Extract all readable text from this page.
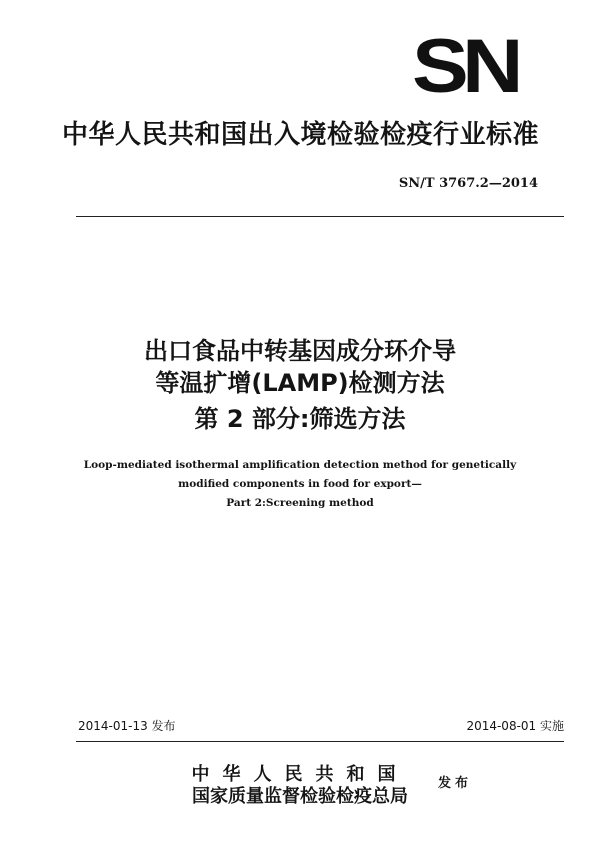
SN
中华人民共和国出入境检验检疫行业标准
SN/T 3767.2—2014
出口食品中转基因成分环介导
等温扩增(LAMP)检测方法
第 2 部分:筛选方法
Loop-mediated isothermal amplification detection method for genetically
modified components in food for export—
Part 2:Screening method
2014-01-13 发布	2014-08-01 实施
中华人民共和国
国家质量监督检验检疫总局
发布
